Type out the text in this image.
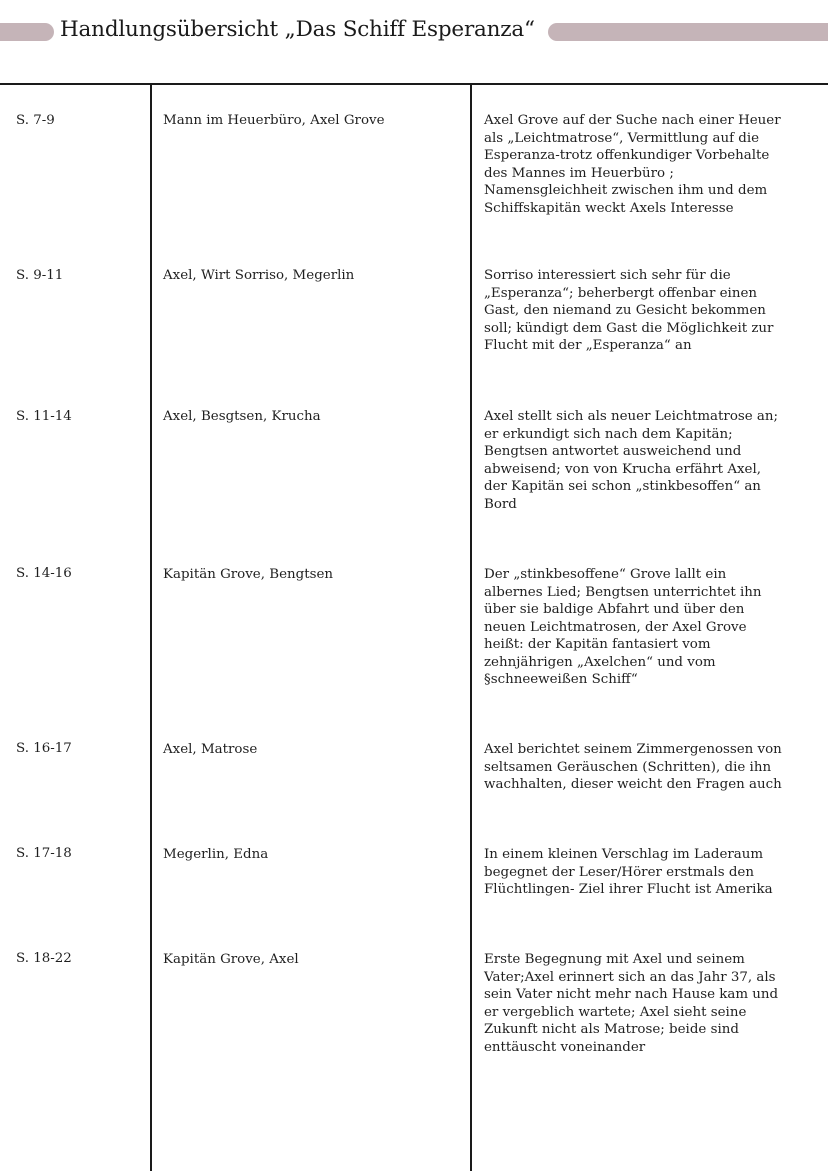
Handlungsübersicht „Das Schiff Esperanza“
S. 7-9	Mann im Heuerbüro, Axel Grove	Axel Grove auf der Suche nach einer Heuer
als „Leichtmatrose“, Vermittlung auf die
Esperanza-trotz offenkundiger Vorbehalte
des Mannes im Heuerbüro ;
Namensgleichheit zwischen ihm und dem
Schiffskapitän weckt Axels Interesse
S. 9-11	Axel, Wirt Sorriso, Megerlin	Sorriso interessiert sich sehr für die
„Esperanza“; beherbergt offenbar einen
Gast, den niemand zu Gesicht bekommen
soll; kündigt dem Gast die Möglichkeit zur
Flucht mit der „Esperanza“ an
S. 11-14	Axel, Besgtsen, Krucha	Axel stellt sich als neuer Leichtmatrose an;
er erkundigt sich nach dem Kapitän;
Bengtsen antwortet ausweichend und
abweisend; von von Krucha erfährt Axel,
der Kapitän sei schon „stinkbesoffen“ an
Bord
S. 14-16	Kapitän Grove, Bengtsen	Der „stinkbesoffene“ Grove lallt ein
albernes Lied; Bengtsen unterrichtet ihn
über sie baldige Abfahrt und über den
neuen Leichtmatrosen, der Axel Grove
heißt: der Kapitän fantasiert vom
zehnjährigen „Axelchen“ und vom
§schneeweißen Schiff“
S. 16-17	Axel, Matrose	Axel berichtet seinem Zimmergenossen von
seltsamen Geräuschen (Schritten), die ihn
wachhalten, dieser weicht den Fragen auch
S. 17-18	Megerlin, Edna	In einem kleinen Verschlag im Laderaum
begegnet der Leser/Hörer erstmals den
Flüchtlingen- Ziel ihrer Flucht ist Amerika
S. 18-22	Kapitän Grove, Axel	Erste Begegnung mit Axel und seinem
Vater;Axel erinnert sich an das Jahr 37, als
sein Vater nicht mehr nach Hause kam und
er vergeblich wartete; Axel sieht seine
Zukunft nicht als Matrose; beide sind
enttäuscht voneinander
